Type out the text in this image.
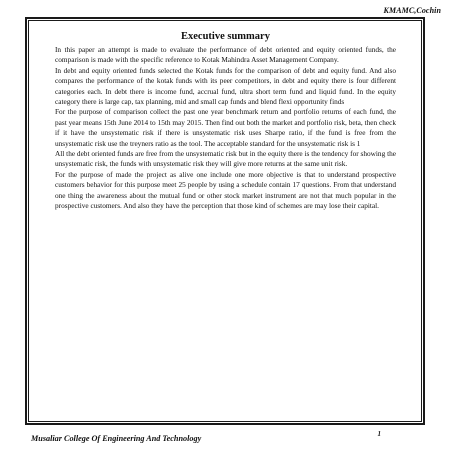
KMAMC,Cochin
Executive summary

In this paper an attempt is made to evaluate the performance of debt oriented and equity oriented funds, the comparison is made with the specific reference to Kotak Mahindra Asset Management Company.

In debt and equity oriented funds selected the Kotak funds for the comparison of debt and equity fund. And also compares the performance of the kotak funds with its peer competitors, in debt and equity there is four different categories each. In debt there is income fund, accrual fund, ultra short term fund and liquid fund. In the equity category there is large cap, tax planning, mid and small cap funds and blend flexi opportunity finds

For the purpose of comparison collect the past one year benchmark return and portfolio returns of each fund, the past year means 15th June 2014 to 15th may 2015. Then find out both the market and portfolio risk, beta, then check if it have the unsystematic risk if there is unsystematic risk uses Sharpe ratio, if the fund is free from the unsystematic risk use the treyners ratio as the tool. The acceptable standard for the unsystematic risk is 1

All the debt oriented funds are free from the unsystematic risk but in the equity there is the tendency for showing the unsystematic risk, the funds with unsystematic risk they will give more returns at the same unit risk.

For the purpose of made the project as alive one include one more objective is that to understand prospective customers behavior for this purpose meet 25 people by using a schedule contain 17 questions. From that understand one thing the awareness about the mutual fund or other stock market instrument are not that much popular in the prospective customers. And also they have the perception that those kind of schemes are may lose their capital.

1
Musaliar College Of Engineering And Technology
